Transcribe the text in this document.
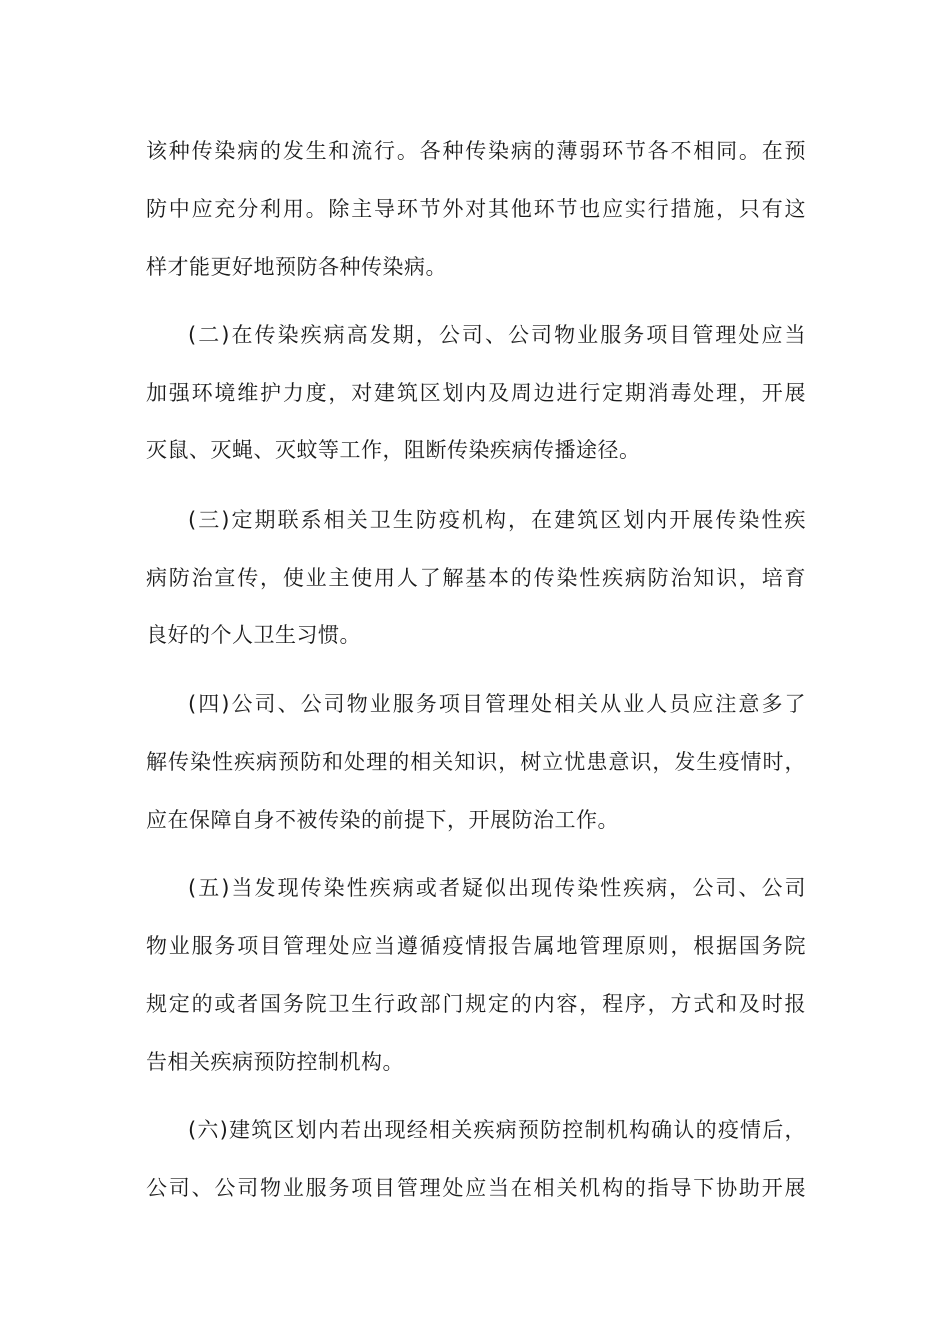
该种传染病的发生和流行。各种传染病的薄弱环节各不相同。在预
防中应充分利用。除主导环节外对其他环节也应实行措施，只有这
样才能更好地预防各种传染病。
(二)在传染疾病高发期，公司、公司物业服务项目管理处应当
加强环境维护力度，对建筑区划内及周边进行定期消毒处理，开展
灭鼠、灭蝇、灭蚊等工作，阻断传染疾病传播途径。
(三)定期联系相关卫生防疫机构，在建筑区划内开展传染性疾
病防治宣传，使业主使用人了解基本的传染性疾病防治知识，培育
良好的个人卫生习惯。
(四)公司、公司物业服务项目管理处相关从业人员应注意多了
解传染性疾病预防和处理的相关知识，树立忧患意识，发生疫情时，
应在保障自身不被传染的前提下，开展防治工作。
(五)当发现传染性疾病或者疑似出现传染性疾病，公司、公司
物业服务项目管理处应当遵循疫情报告属地管理原则，根据国务院
规定的或者国务院卫生行政部门规定的内容，程序，方式和及时报
告相关疾病预防控制机构。
(六)建筑区划内若出现经相关疾病预防控制机构确认的疫情后，
公司、公司物业服务项目管理处应当在相关机构的指导下协助开展
